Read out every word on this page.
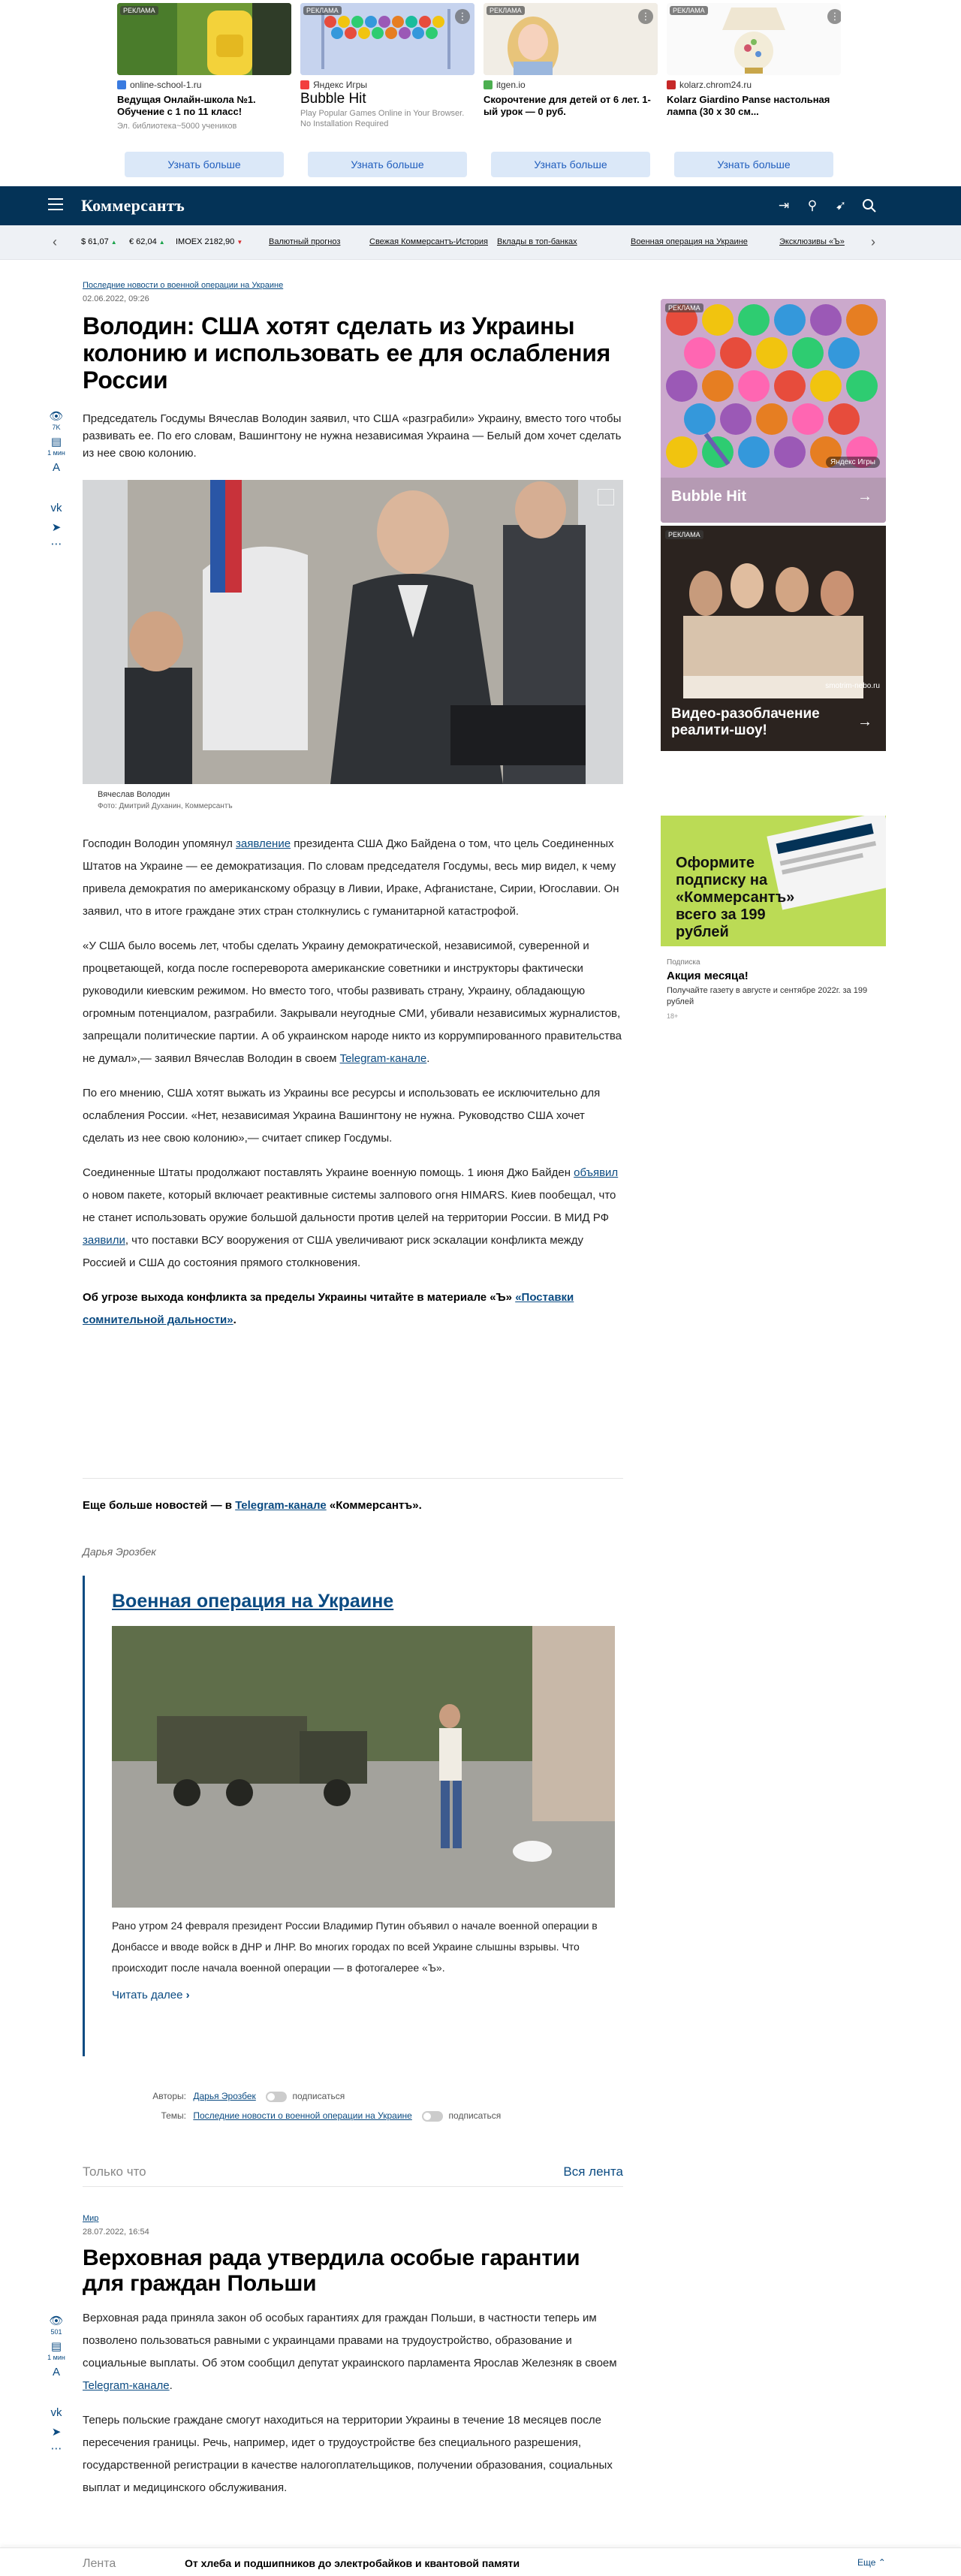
РЕКЛАМА
online-school-1.ru
Ведущая Онлайн-школа №1. Обучение с 1 по 11 класс!
Эл. библиотека~5000 учеников
Узнать больше
РЕКЛАМА	⋮
Яндекс Игры
Bubble Hit
Play Popular Games Online in Your Browser. No Installation Required
Узнать больше
РЕКЛАМА	⋮
itgen.io
Скорочтение для детей от 6 лет. 1-ый урок — 0 руб.
Узнать больше
РЕКЛАМА	⋮
kolarz.chrom24.ru
Kolarz Giardino Panse настольная лампа (30 x 30 см...
Узнать больше
Коммерсантъ	⇥ ⚲ ➹
‹	$ 61,07 ▲ € 62,04 ▲ IMOEX 2182,90 ▼	Валютный прогноз	Свежая Коммерсантъ-История Вклады в топ-банках	Военная операция на Украине	Эксклюзивы «Ъ» ›
👁
7K
▤
1 мин
A
vk
➤
⋯
Последние новости о военной операции на Украине
02.06.2022, 09:26
Володин: США хотят сделать из Украины колонию и использовать ее для ослабления России

Председатель Госдумы Вячеслав Володин заявил, что США «разграбили» Украину, вместо того чтобы развивать ее. По его словам, Вашингтону не нужна независимая Украина — Белый дом хочет сделать из нее свою колонию.

Вячеслав Володин
Фото: Дмитрий Духанин, Коммерсантъ

Господин Володин упомянул заявление президента США Джо Байдена о том, что цель Соединенных Штатов на Украине — ее демократизация. По словам председателя Госдумы, весь мир видел, к чему привела демократия по американскому образцу в Ливии, Ираке, Афганистане, Сирии, Югославии. Он заявил, что в итоге граждане этих стран столкнулись с гуманитарной катастрофой.

«У США было восемь лет, чтобы сделать Украину демократической, независимой, суверенной и процветающей, когда после госпереворота американские советники и инструкторы фактически руководили киевским режимом. Но вместо того, чтобы развивать страну, Украину, обладающую огромным потенциалом, разграбили. Закрывали неугодные СМИ, убивали независимых журналистов, запрещали политические партии. А об украинском народе никто из коррумпированного правительства не думал»,— заявил Вячеслав Володин в своем Telegram-канале.

По его мнению, США хотят выжать из Украины все ресурсы и использовать ее исключительно для ослабления России. «Нет, независимая Украина Вашингтону не нужна. Руководство США хочет сделать из нее свою колонию»,— считает спикер Госдумы.

Соединенные Штаты продолжают поставлять Украине военную помощь. 1 июня Джо Байден объявил о новом пакете, который включает реактивные системы залпового огня HIMARS. Киев пообещал, что не станет использовать оружие большой дальности против целей на территории России. В МИД РФ заявили, что поставки ВСУ вооружения от США увеличивают риск эскалации конфликта между Россией и США до состояния прямого столкновения.

Об угрозе выхода конфликта за пределы Украины читайте в материале «Ъ» «Поставки сомнительной дальности».

Еще больше новостей — в Telegram-канале «Коммерсантъ».

Дарья Эрозбек
Военная операция на Украине

Рано утром 24 февраля президент России Владимир Путин объявил о начале военной операции в Донбассе и вводе войск в ДНР и ЛНР. Во многих городах по всей Украине слышны взрывы. Что происходит после начала военной операции — в фотогалерее «Ъ».

Читать далее ›
Авторы: Дарья Эрозбек	подписаться
Темы: Последние новости о военной операции на Украине	подписаться
Только что	Вся лента
👁
501
▤
1 мин
A
vk
➤
⋯
Мир
28.07.2022, 16:54
Верховная рада утвердила особые гарантии для граждан Польши

Верховная рада приняла закон об особых гарантиях для граждан Польши, в частности теперь им позволено пользоваться равными с украинцами правами на трудоустройство, образование и социальные выплаты. Об этом сообщил депутат украинского парламента Ярослав Железняк в своем Telegram-канале.

Теперь польские граждане смогут находиться на территории Украины в течение 18 месяцев после пересечения границы. Речь, например, идет о трудоустройстве без специального разрешения, государственной регистрации в качестве налогоплательщиков, получении образования, социальных выплат и медицинского обслуживания.

РЕКЛАМА
Яндекс Игры
Bubble Hit	→
РЕКЛАМА
smotrim-nebo.ru
Видео-разоблачение реалити-шоу!
→
Оформите подписку на «Коммерсантъ» всего за 199 рублей
Подписка
Акция месяца!
Получайте газету в августе и сентябре 2022г. за 199 рублей
18+
Лента	От хлеба и подшипников до электробайков и квантовой памяти	Еще ⌃
